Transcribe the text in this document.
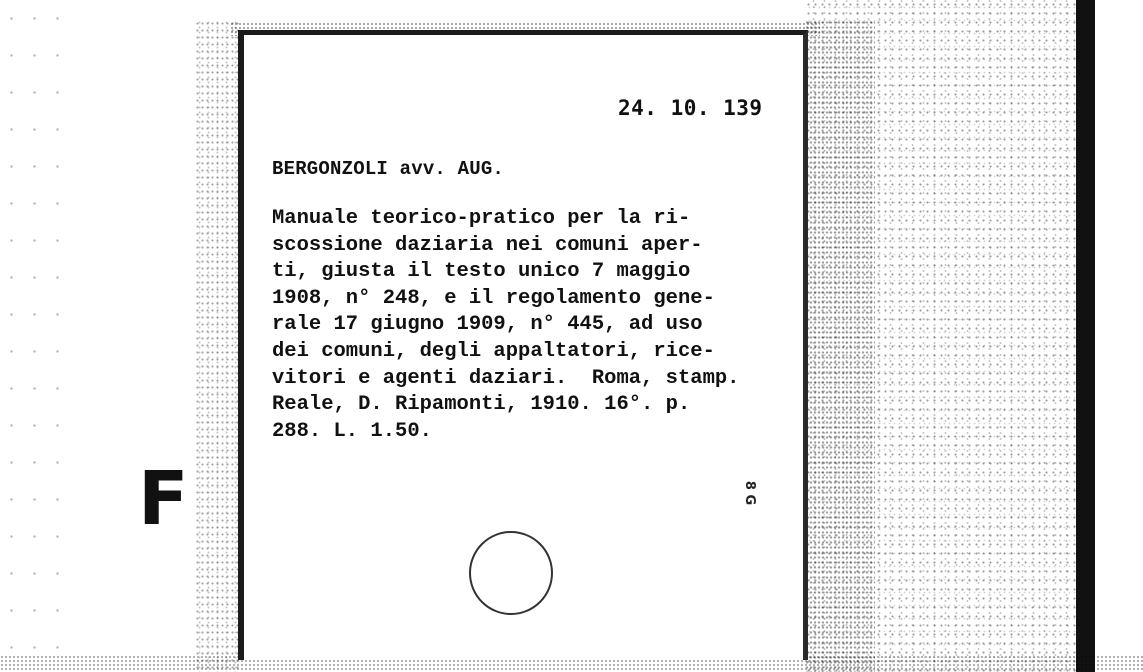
24. 10. 139
BERGONZOLI avv. AUG.
Manuale teorico-pratico per la ri-
scossione daziaria nei comuni aper-
ti, giusta il testo unico 7 maggio
1908, n° 248, e il regolamento gene-
rale 17 giugno 1909, n° 445, ad uso
dei comuni, degli appaltatori, rice-
vitori e agenti daziari.  Roma, stamp.
Reale, D. Ripamonti, 1910. 16°. p.
288. L. 1.50.
8 G
F
